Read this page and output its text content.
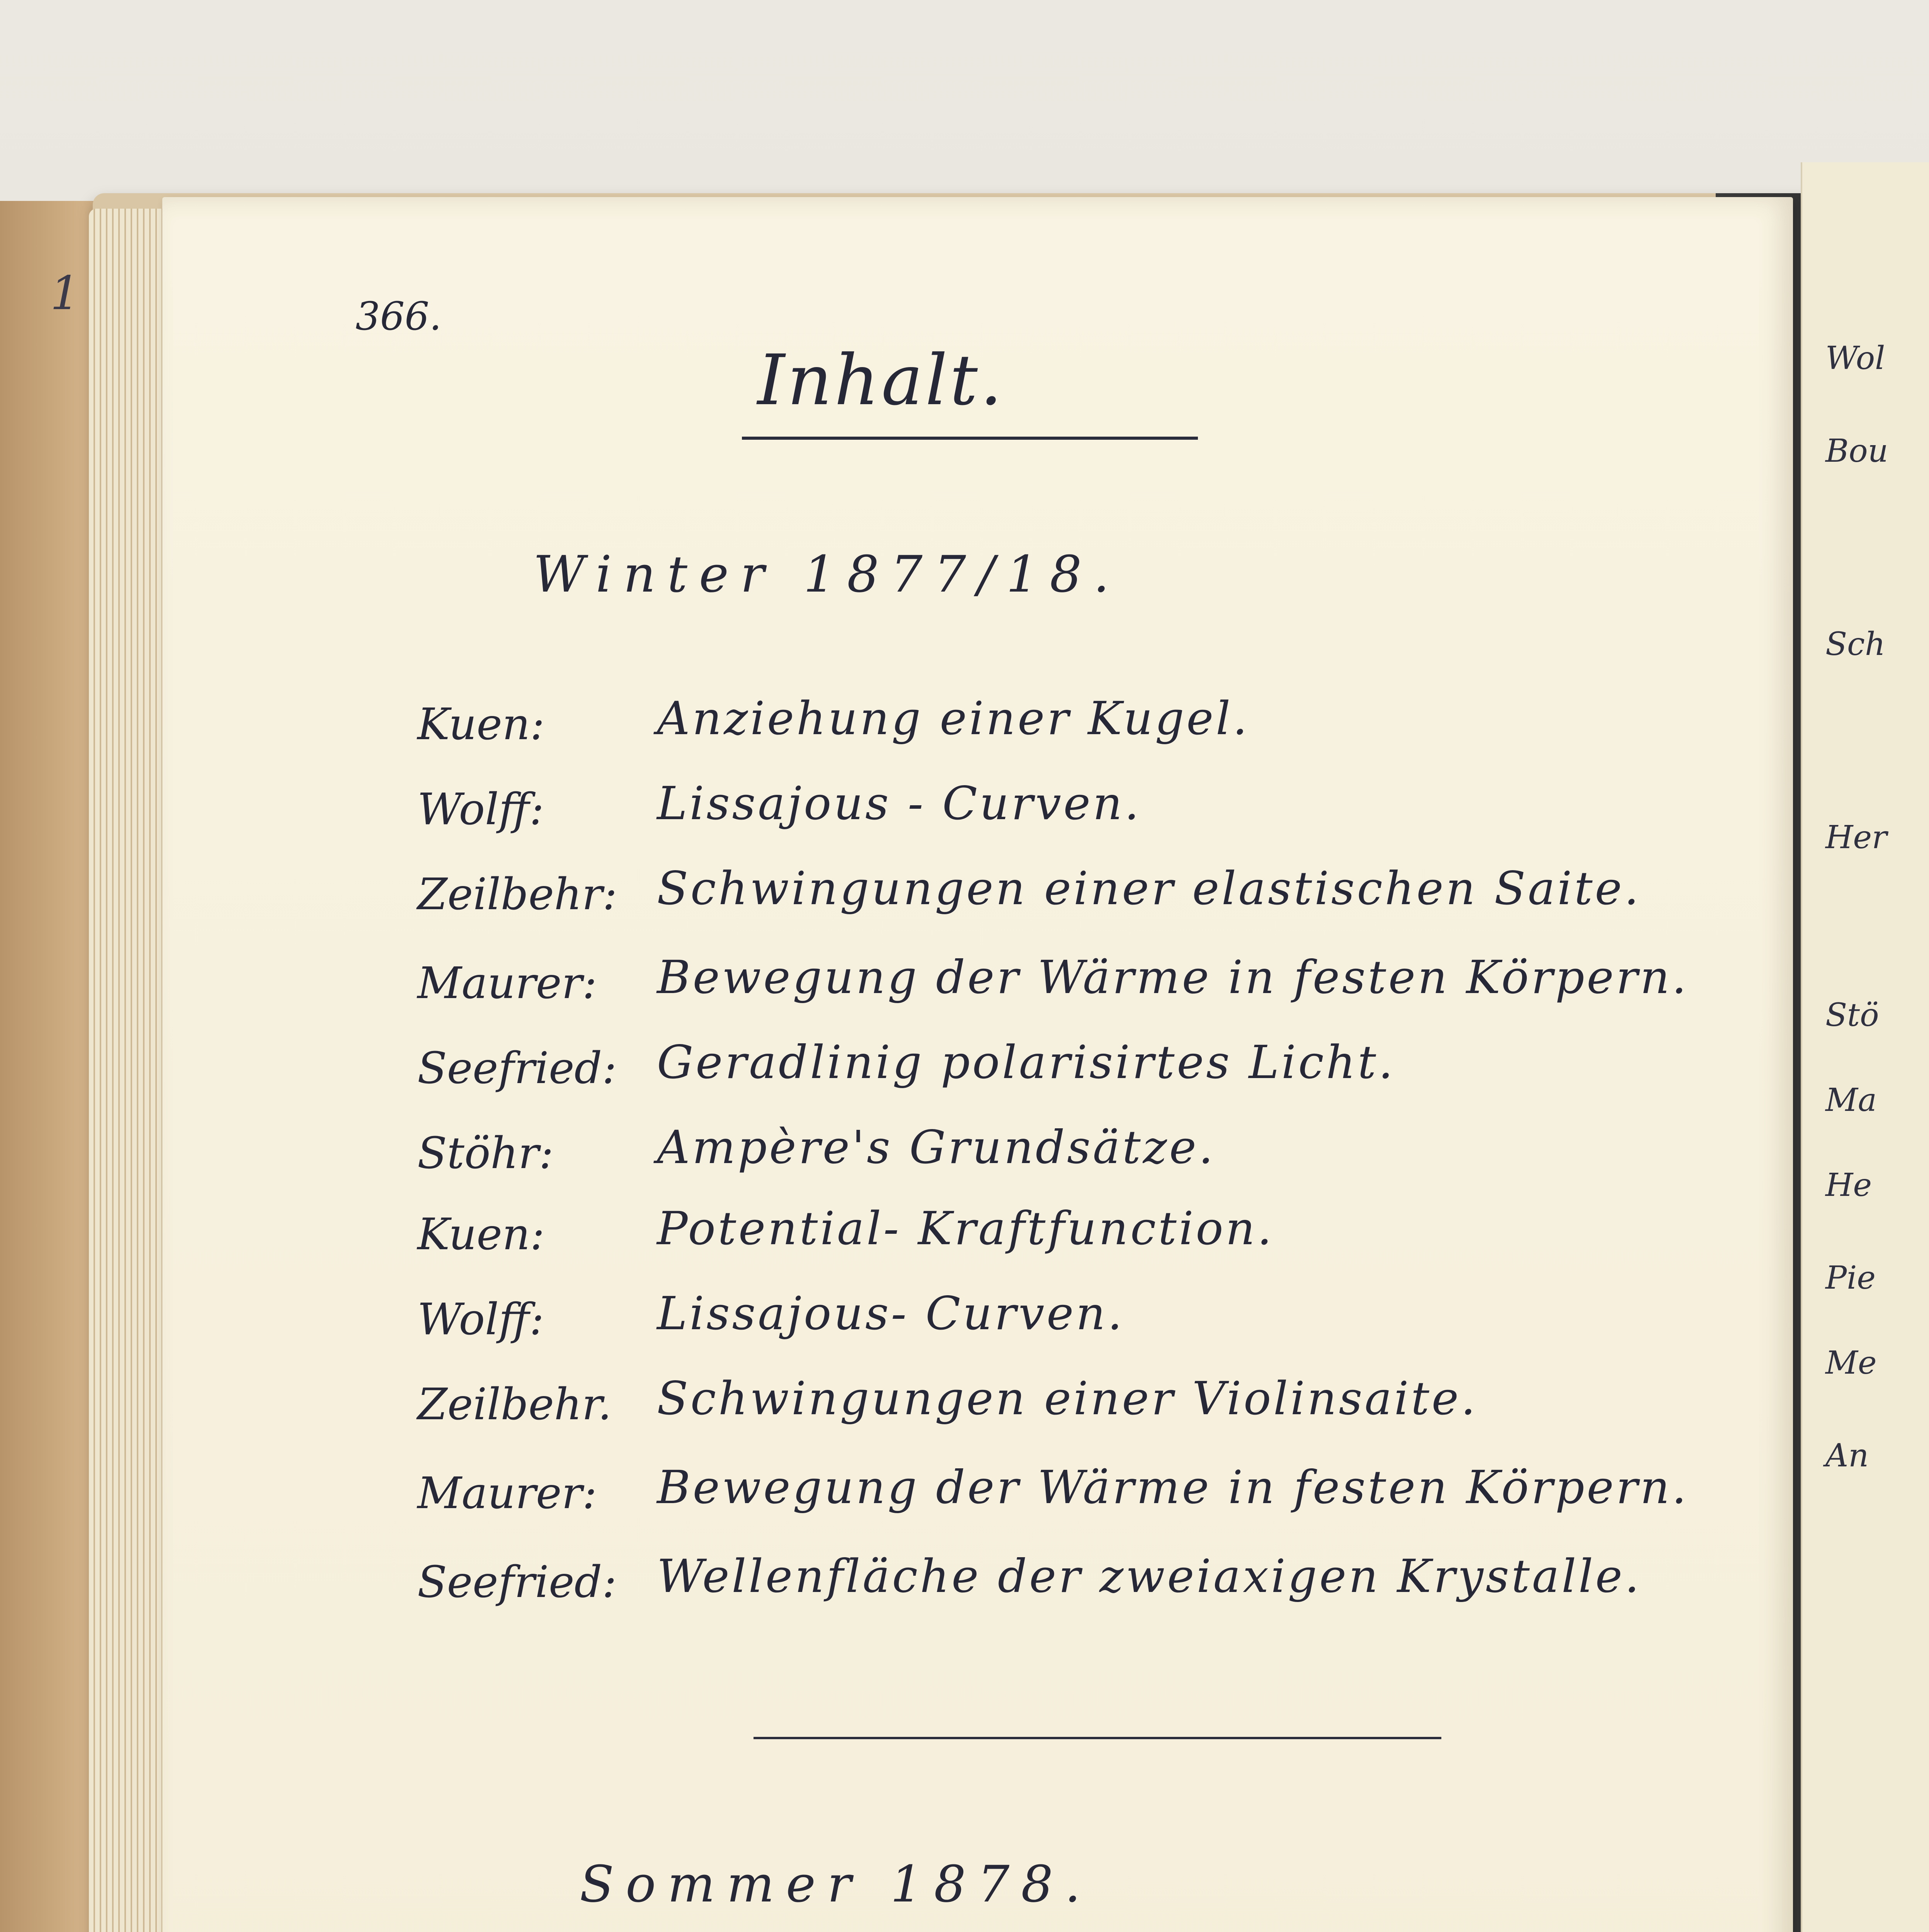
1
Wol
Bou
Sch
Her
Stö
Ma
He
Pie
Me
An
366.
Inhalt.
Winter 1877/18.
Kuen: Anziehung einer Kugel.
Wolff: Lissajous - Curven.
Zeilbehr: Schwingungen einer elastischen Saite.
Maurer: Bewegung der Wärme in festen Körpern.
Seefried: Geradlinig polarisirtes Licht.
Stöhr: Ampère's Grundsätze.
Kuen: Potential- Kraftfunction.
Wolff: Lissajous- Curven.
Zeilbehr. Schwingungen einer Violinsaite.
Maurer: Bewegung der Wärme in festen Körpern.
Seefried: Wellenfläche der zweiaxigen Krystalle.
Sommer 1878.
